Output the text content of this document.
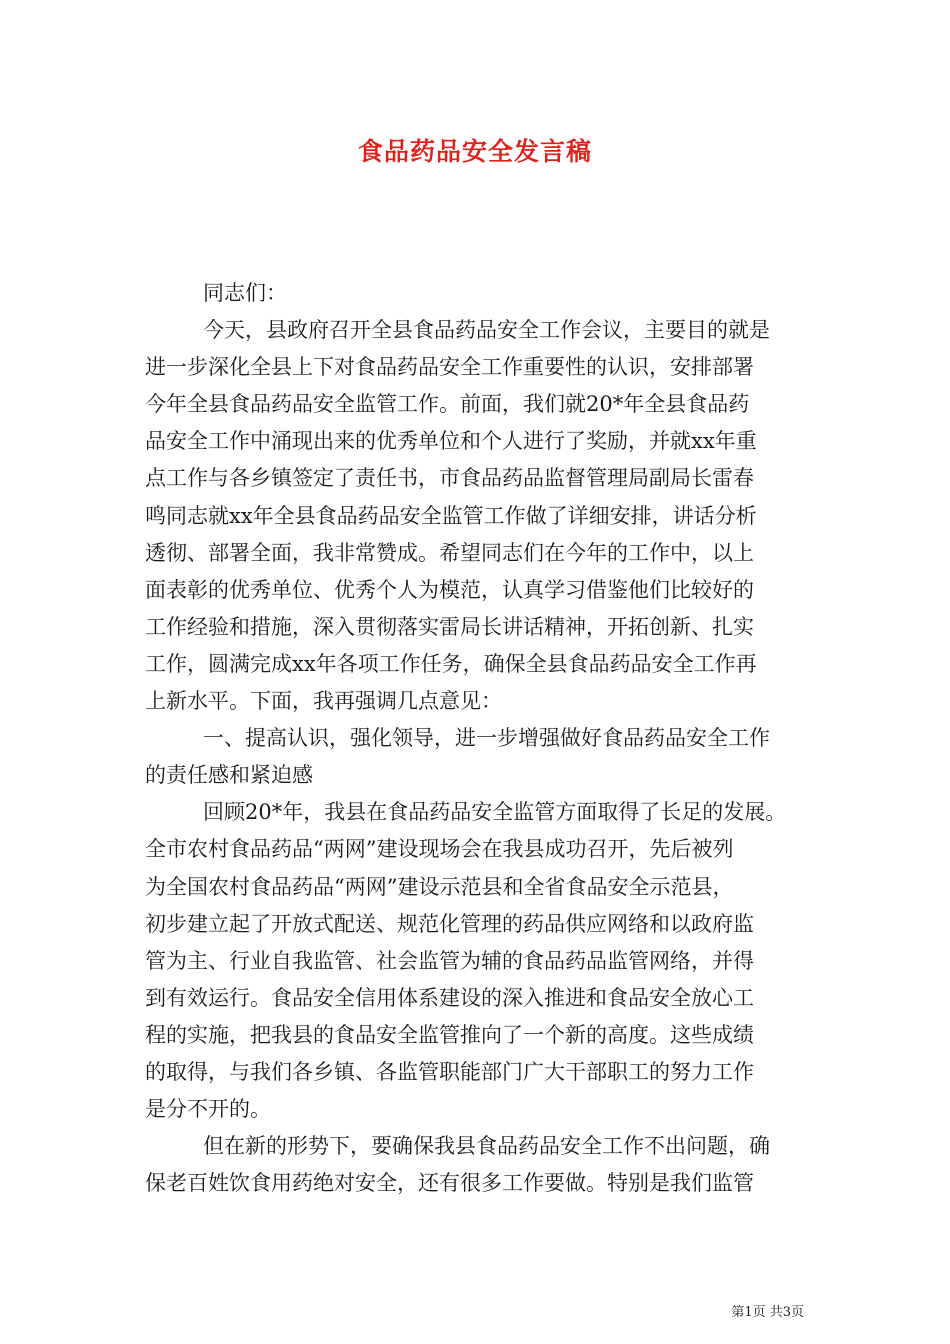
食品药品安全发言稿
同志们：
今天，县政府召开全县食品药品安全工作会议，主要目的就是
进一步深化全县上下对食品药品安全工作重要性的认识，安排部署
今年全县食品药品安全监管工作。前面，我们就20*年全县食品药
品安全工作中涌现出来的优秀单位和个人进行了奖励，并就xx年重
点工作与各乡镇签定了责任书，市食品药品监督管理局副局长雷春
鸣同志就xx年全县食品药品安全监管工作做了详细安排，讲话分析
透彻、部署全面，我非常赞成。希望同志们在今年的工作中，以上
面表彰的优秀单位、优秀个人为模范，认真学习借鉴他们比较好的
工作经验和措施，深入贯彻落实雷局长讲话精神，开拓创新、扎实
工作，圆满完成xx年各项工作任务，确保全县食品药品安全工作再
上新水平。下面，我再强调几点意见：
一、提高认识，强化领导，进一步增强做好食品药品安全工作
的责任感和紧迫感
回顾20*年，我县在食品药品安全监管方面取得了长足的发展。
全市农村食品药品“两网”建设现场会在我县成功召开，先后被列
为全国农村食品药品“两网”建设示范县和全省食品安全示范县，
初步建立起了开放式配送、规范化管理的药品供应网络和以政府监
管为主、行业自我监管、社会监管为辅的食品药品监管网络，并得
到有效运行。食品安全信用体系建设的深入推进和食品安全放心工
程的实施，把我县的食品安全监管推向了一个新的高度。这些成绩
的取得，与我们各乡镇、各监管职能部门广大干部职工的努力工作
是分不开的。
但在新的形势下，要确保我县食品药品安全工作不出问题，确
保老百姓饮食用药绝对安全，还有很多工作要做。特别是我们监管
第1页 共3页
